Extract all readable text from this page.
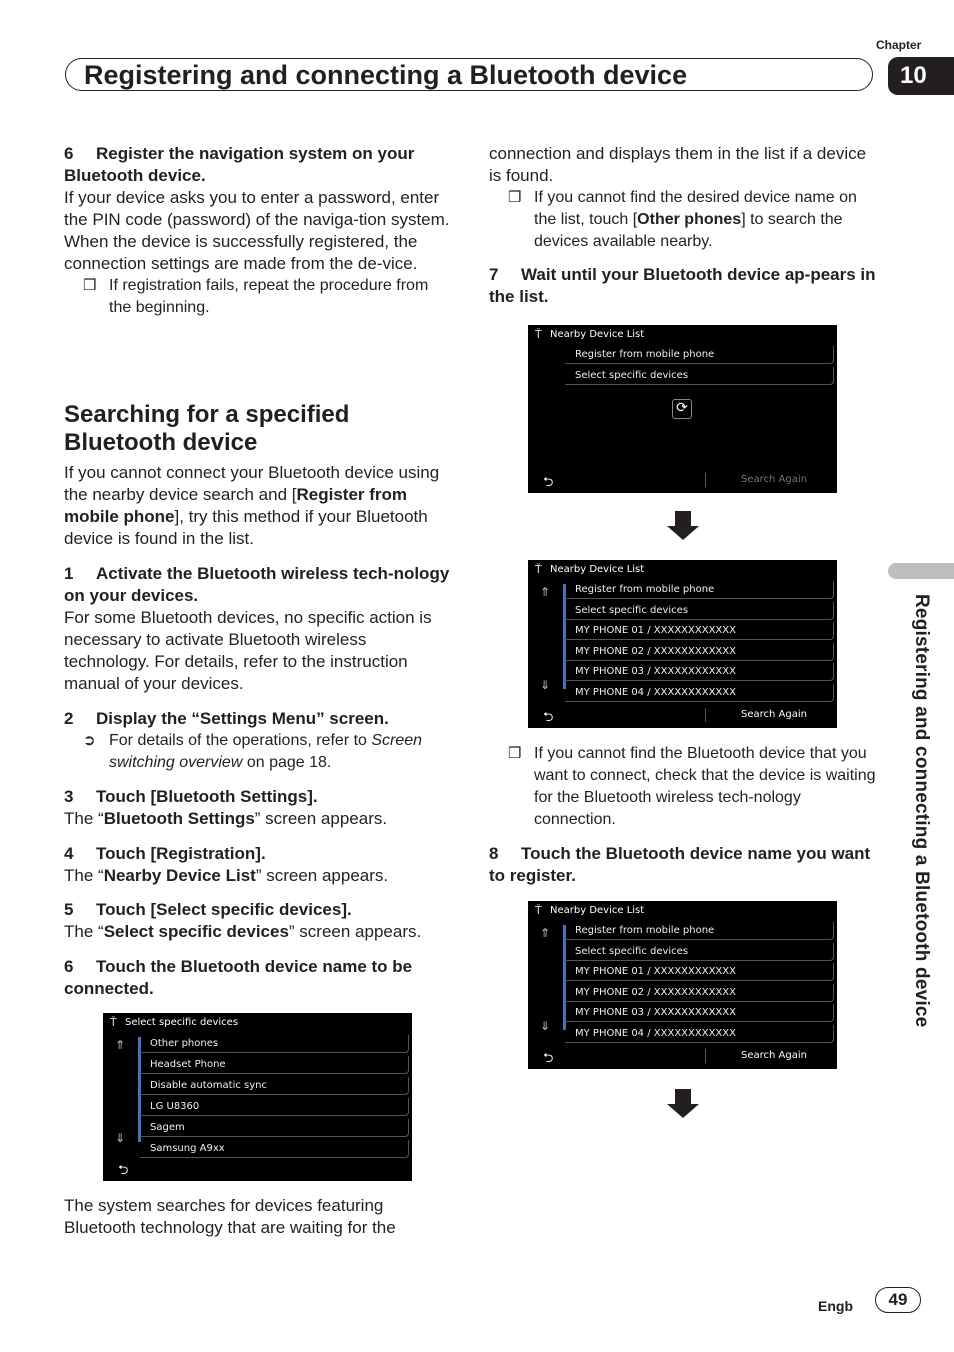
Chapter
Registering and connecting a Bluetooth device	10

6 Register the navigation system on your Bluetooth device.

If your device asks you to enter a password, enter the PIN code (password) of the naviga-tion system.

When the device is successfully registered, the connection settings are made from the de-vice.

❒ If registration fails, repeat the procedure from the beginning.

Searching for a specified Bluetooth device

If you cannot connect your Bluetooth device using the nearby device search and [Register from mobile phone], try this method if your Bluetooth device is found in the list.

1 Activate the Bluetooth wireless tech-nology on your devices.

For some Bluetooth devices, no specific action is necessary to activate Bluetooth wireless technology. For details, refer to the instruction manual of your devices.

2 Display the “Settings Menu” screen.

➲ For details of the operations, refer to Screen switching overview on page 18.

3 Touch [Bluetooth Settings].

The “Bluetooth Settings” screen appears.

4 Touch [Registration].

The “Nearby Device List” screen appears.

5 Touch [Select specific devices].

The “Select specific devices” screen appears.

6 Touch the Bluetooth device name to be connected.

Ť Select specific devices
⇑
⇓
Other phones
Headset Phone
Disable automatic sync
LG U8360
Sagem
Samsung A9xx
⮌

The system searches for devices featuring Bluetooth technology that are waiting for the

connection and displays them in the list if a device is found.

❒ If you cannot find the desired device name on the list, touch [Other phones] to search the devices available nearby.

7 Wait until your Bluetooth device ap-pears in the list.

Ť Nearby Device List
Register from mobile phone
Select specific devices
⟳
⮌	Search Again
Ť Nearby Device List
⇑
⇓
Register from mobile phone
Select specific devices
MY PHONE 01 / XXXXXXXXXXXX
MY PHONE 02 / XXXXXXXXXXXX
MY PHONE 03 / XXXXXXXXXXXX
MY PHONE 04 / XXXXXXXXXXXX
⮌	Search Again

❒ If you cannot find the Bluetooth device that you want to connect, check that the device is waiting for the Bluetooth wireless tech-nology connection.

8 Touch the Bluetooth device name you want to register.

Ť Nearby Device List
⇑
⇓
Register from mobile phone
Select specific devices
MY PHONE 01 / XXXXXXXXXXXX
MY PHONE 02 / XXXXXXXXXXXX
MY PHONE 03 / XXXXXXXXXXXX
MY PHONE 04 / XXXXXXXXXXXX
⮌	Search Again
Registering and connecting a Bluetooth device
Engb	49
